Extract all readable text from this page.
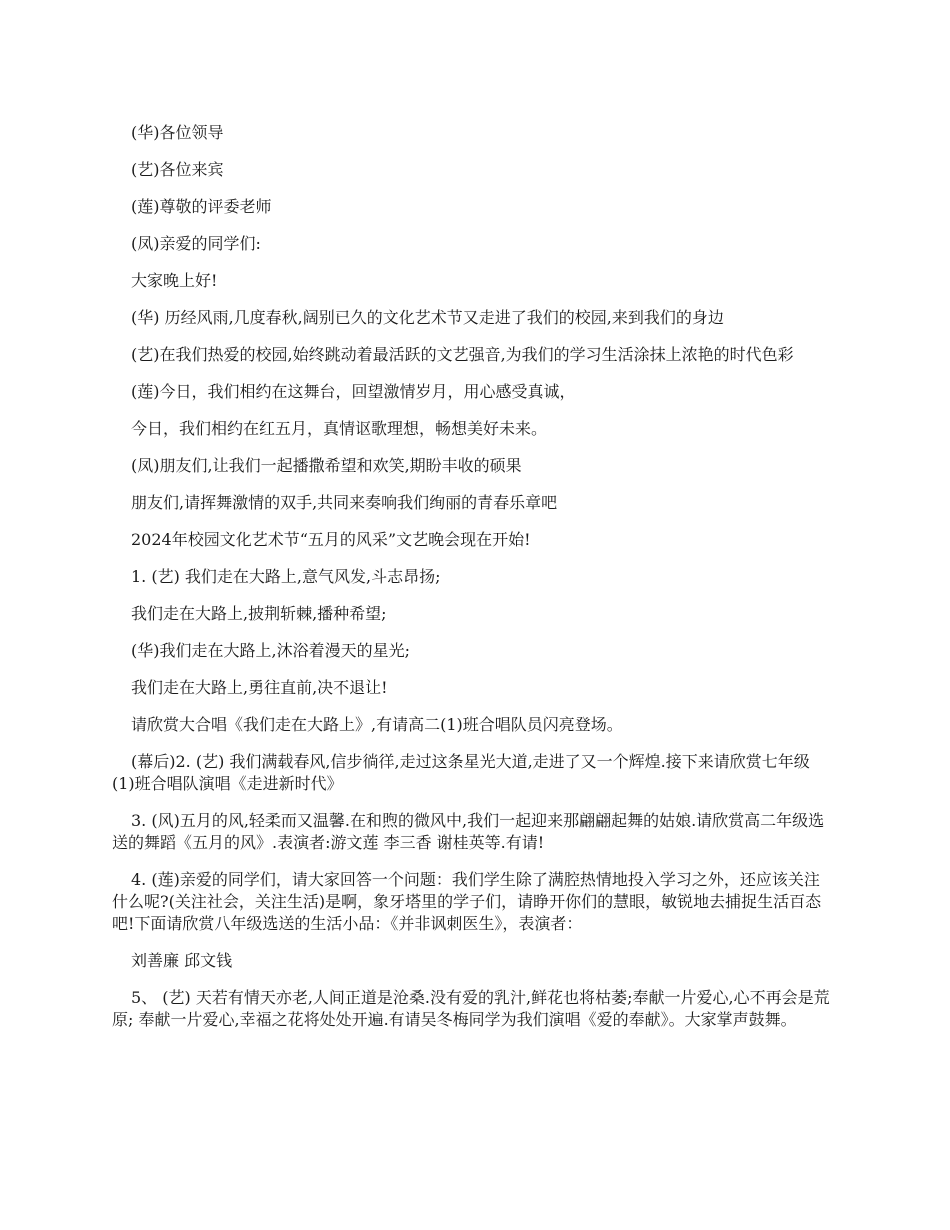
(华)各位领导

(艺)各位来宾

(莲)尊敬的评委老师

(凤)亲爱的同学们:

大家晚上好!

(华) 历经风雨,几度春秋,阔别已久的文化艺术节又走进了我们的校园,来到我们的身边

(艺)在我们热爱的校园,始终跳动着最活跃的文艺强音,为我们的学习生活涂抹上浓艳的时代色彩

(莲)今日，我们相约在这舞台，回望激情岁月，用心感受真诚，

今日，我们相约在红五月，真情讴歌理想，畅想美好未来。

(凤)朋友们,让我们一起播撒希望和欢笑,期盼丰收的硕果

朋友们,请挥舞激情的双手,共同来奏响我们绚丽的青春乐章吧

2024年校园文化艺术节“五月的风采”文艺晚会现在开始!

1. (艺) 我们走在大路上,意气风发,斗志昂扬;

我们走在大路上,披荆斩棘,播种希望;

(华)我们走在大路上,沐浴着漫天的星光;

我们走在大路上,勇往直前,决不退让!

请欣赏大合唱《我们走在大路上》,有请高二(1)班合唱队员闪亮登场。

(幕后)2. (艺) 我们满载春风,信步徜徉,走过这条星光大道,走进了又一个辉煌.接下来请欣赏七年级(1)班合唱队演唱《走进新时代》

3. (风)五月的风,轻柔而又温馨.在和煦的微风中,我们一起迎来那翩翩起舞的姑娘.请欣赏高二年级选送的舞蹈《五月的风》.表演者:游文莲 李三香 谢桂英等.有请!

4. (莲)亲爱的同学们，请大家回答一个问题：我们学生除了满腔热情地投入学习之外，还应该关注什么呢?(关注社会，关注生活)是啊，象牙塔里的学子们，请睁开你们的慧眼，敏锐地去捕捉生活百态吧!下面请欣赏八年级选送的生活小品：《并非讽刺医生》，表演者：

刘善廉 邱文钱

5、 (艺) 天若有情天亦老,人间正道是沧桑.没有爱的乳汁,鲜花也将枯萎;奉献一片爱心,心不再会是荒原; 奉献一片爱心,幸福之花将处处开遍.有请吴冬梅同学为我们演唱《爱的奉献》。大家掌声鼓舞。
